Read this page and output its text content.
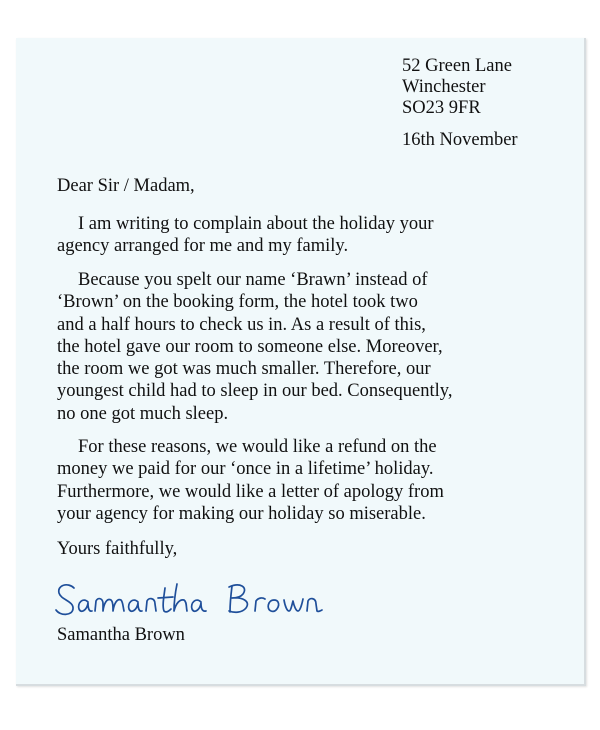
52 Green Lane
Winchester
SO23 9FR
16th November
Dear Sir / Madam,
I am writing to complain about the holiday your
agency arranged for me and my family.
Because you spelt our name ‘Brawn’ instead of
‘Brown’ on the booking form, the hotel took two
and a half hours to check us in. As a result of this,
the hotel gave our room to someone else. Moreover,
the room we got was much smaller. Therefore, our
youngest child had to sleep in our bed. Consequently,
no one got much sleep.
For these reasons, we would like a refund on the
money we paid for our ‘once in a lifetime’ holiday.
Furthermore, we would like a letter of apology from
your agency for making our holiday so miserable.
Yours faithfully,
Samantha Brown
